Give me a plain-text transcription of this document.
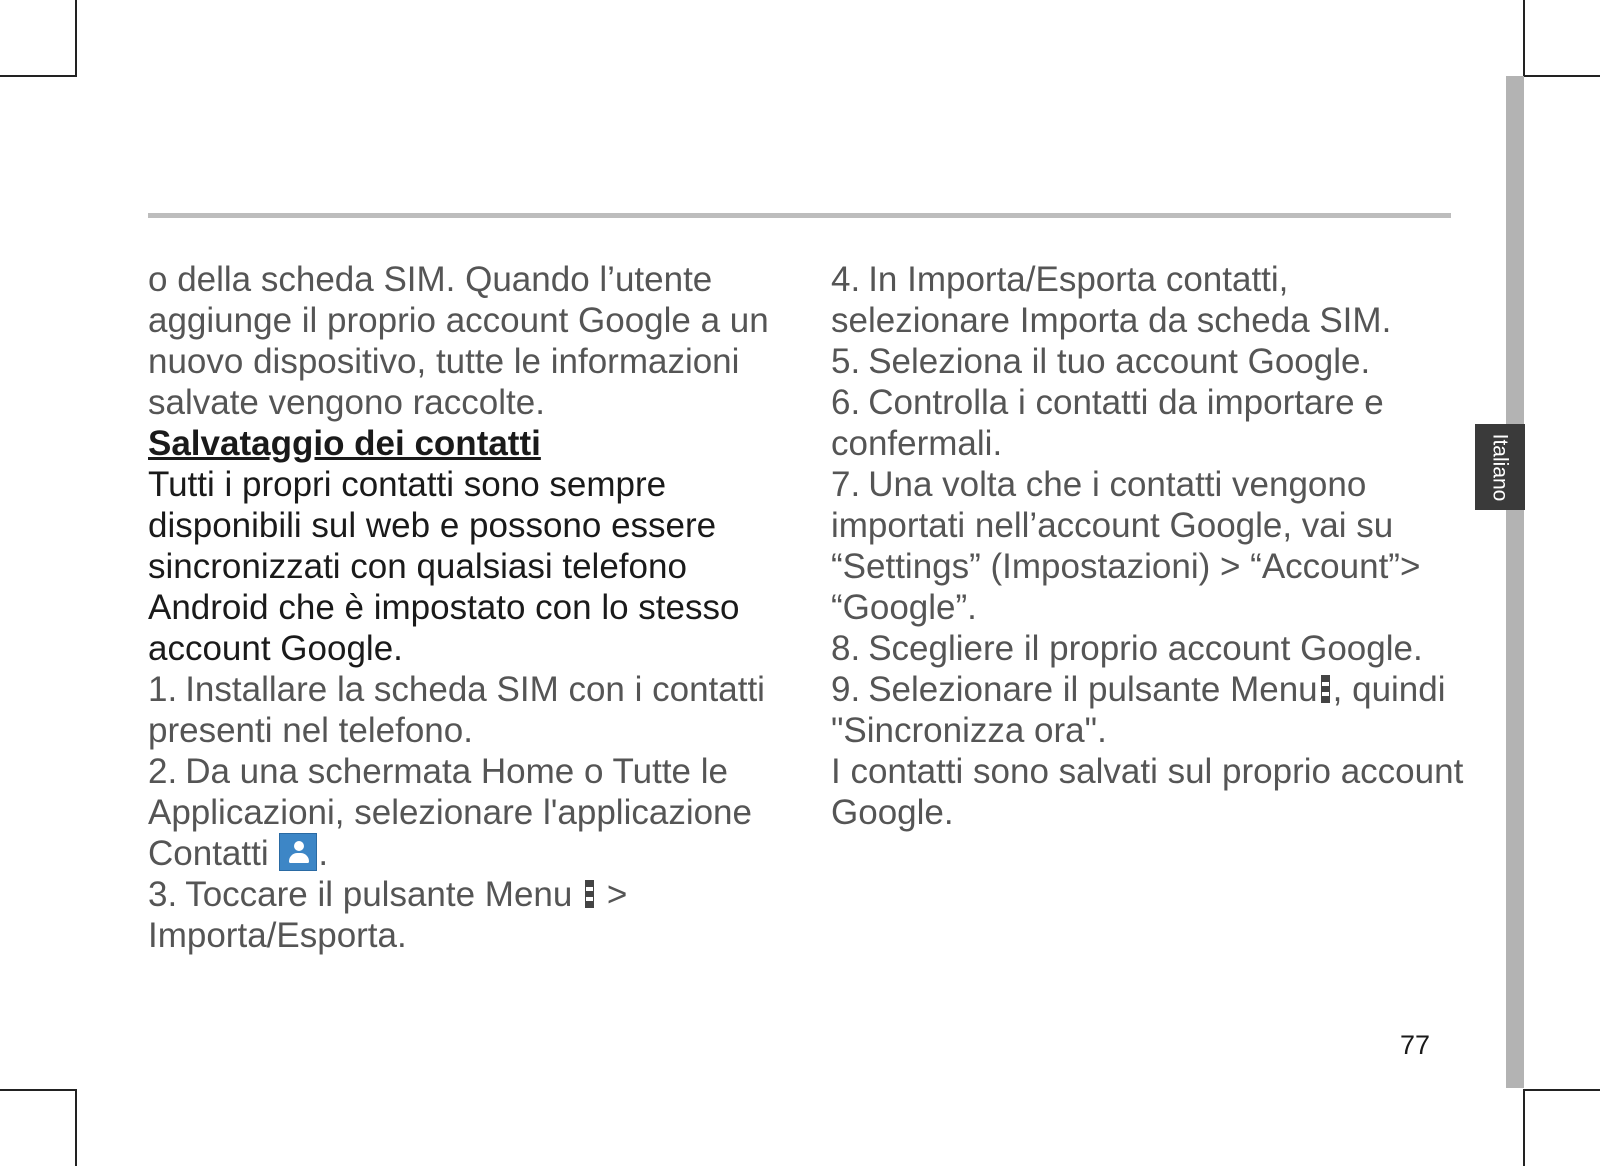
Italiano

o della scheda SIM. Quando l’utente aggiunge il proprio account Google a un nuovo dispositivo, tutte le informazioni salvate vengono raccolte.

Salvataggio dei contatti

Tutti i propri contatti sono sempre disponibili sul web e possono essere sincronizzati con qualsiasi telefono Android che è impostato con lo stesso account Google.

1. Installare la scheda SIM con i contatti presenti nel telefono.

2. Da una schermata Home o Tutte le Applicazioni, selezionare l'applicazione Contatti .

3. Toccare il pulsante Menu > Importa/Esporta.

4. In Importa/Esporta contatti, selezionare Importa da scheda SIM.

5. Seleziona il tuo account Google.

6. Controlla i contatti da importare e confermali.

7. Una volta che i contatti vengono importati nell’account Google, vai su “Settings” (Impostazioni) > “Account”> “Google”.

8. Scegliere il proprio account Google.

9. Selezionare il pulsante Menu , quindi "Sincronizza ora".

I contatti sono salvati sul proprio account Google.

77
